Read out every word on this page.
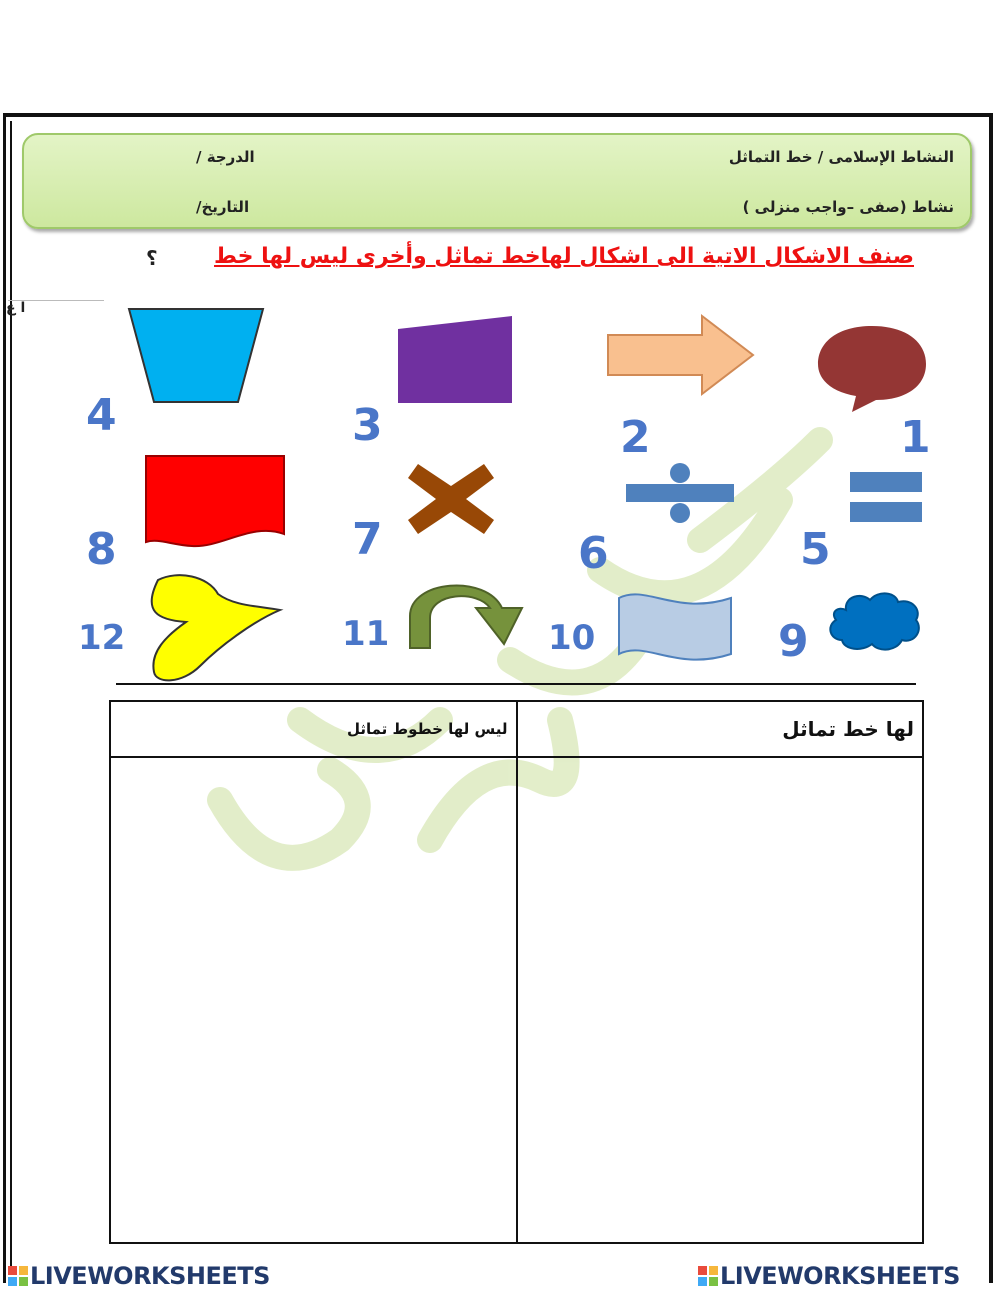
النشاط الإسلامى / خط التماثل
الدرجة /
نشاط (صفى –واجب منزلى )
التاريخ/
صنف الاشكال الاتية الى اشكال لهاخط تماثل وأخرى ليس لها خط
؟
ا ع
1
2
3
4
5
6
7
8
9
10
11
12
ليس لها خطوط تماثل	لها خط تماثل

LIVEWORKSHEETS	LIVEWORKSHEETS
